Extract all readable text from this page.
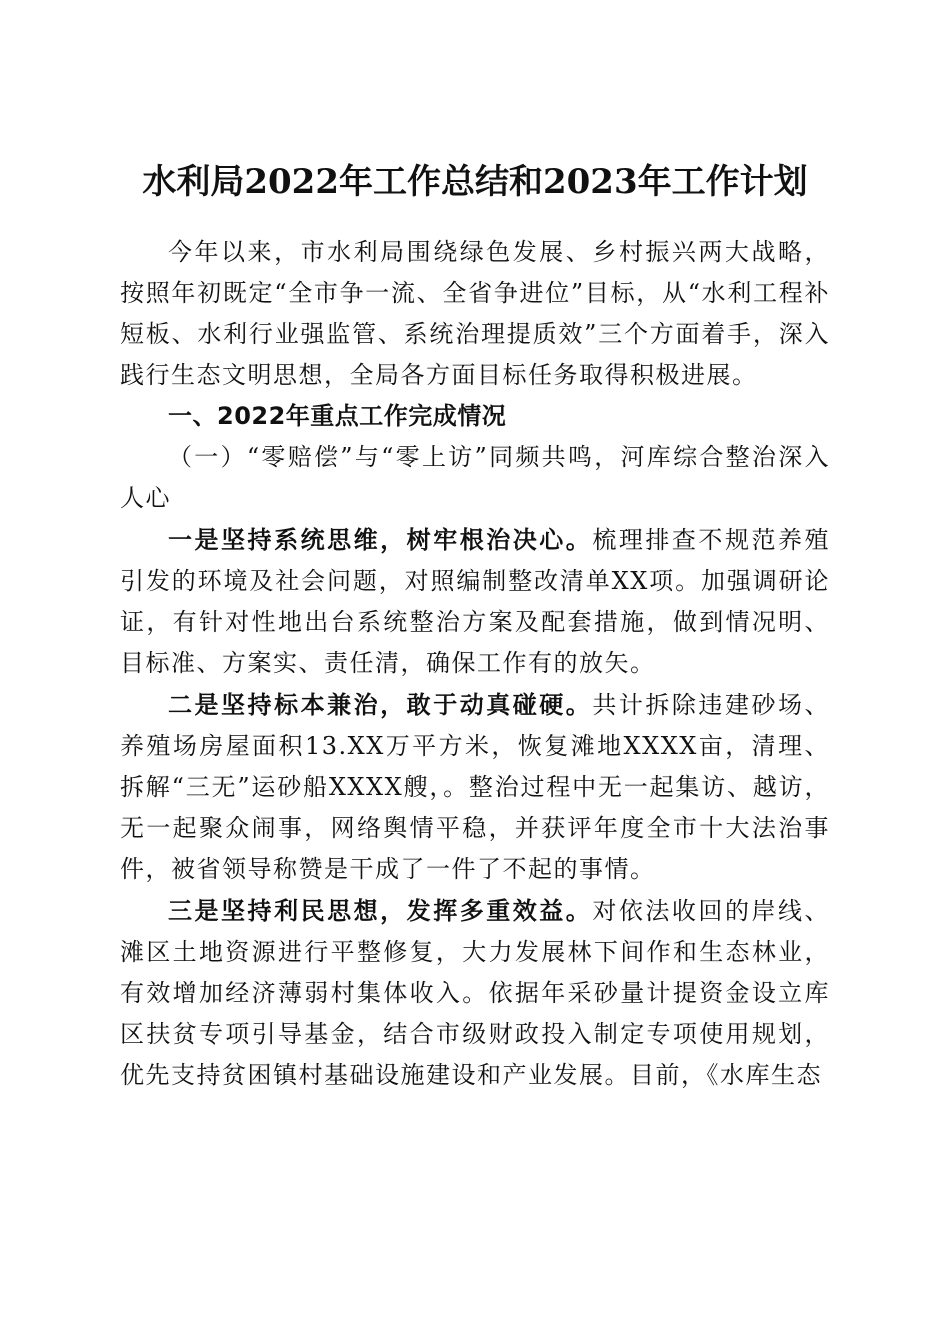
水利局2022年工作总结和2023年工作计划

今年以来，市水利局围绕绿色发展、乡村振兴两大战略，按照年初既定“全市争一流、全省争进位”目标，从“水利工程补短板、水利行业强监管、系统治理提质效”三个方面着手，深入践行生态文明思想，全局各方面目标任务取得积极进展。

一、2022年重点工作完成情况

（一）“零赔偿”与“零上访”同频共鸣，河库综合整治深入人心

一是坚持系统思维，树牢根治决心。梳理排查不规范养殖引发的环境及社会问题，对照编制整改清单XX项。加强调研论证，有针对性地出台系统整治方案及配套措施，做到情况明、目标准、方案实、责任清，确保工作有的放矢。

二是坚持标本兼治，敢于动真碰硬。共计拆除违建砂场、养殖场房屋面积13.XX万平方米，恢复滩地XXXX亩，清理、拆解“三无”运砂船XXXX艘，。整治过程中无一起集访、越访，无一起聚众闹事，网络舆情平稳，并获评年度全市十大法治事件，被省领导称赞是干成了一件了不起的事情。

三是坚持利民思想，发挥多重效益。对依法收回的岸线、滩区土地资源进行平整修复，大力发展林下间作和生态林业，有效增加经济薄弱村集体收入。依据年采砂量计提资金设立库区扶贫专项引导基金，结合市级财政投入制定专项使用规划，优先支持贫困镇村基础设施建设和产业发展。目前，《水库生态
